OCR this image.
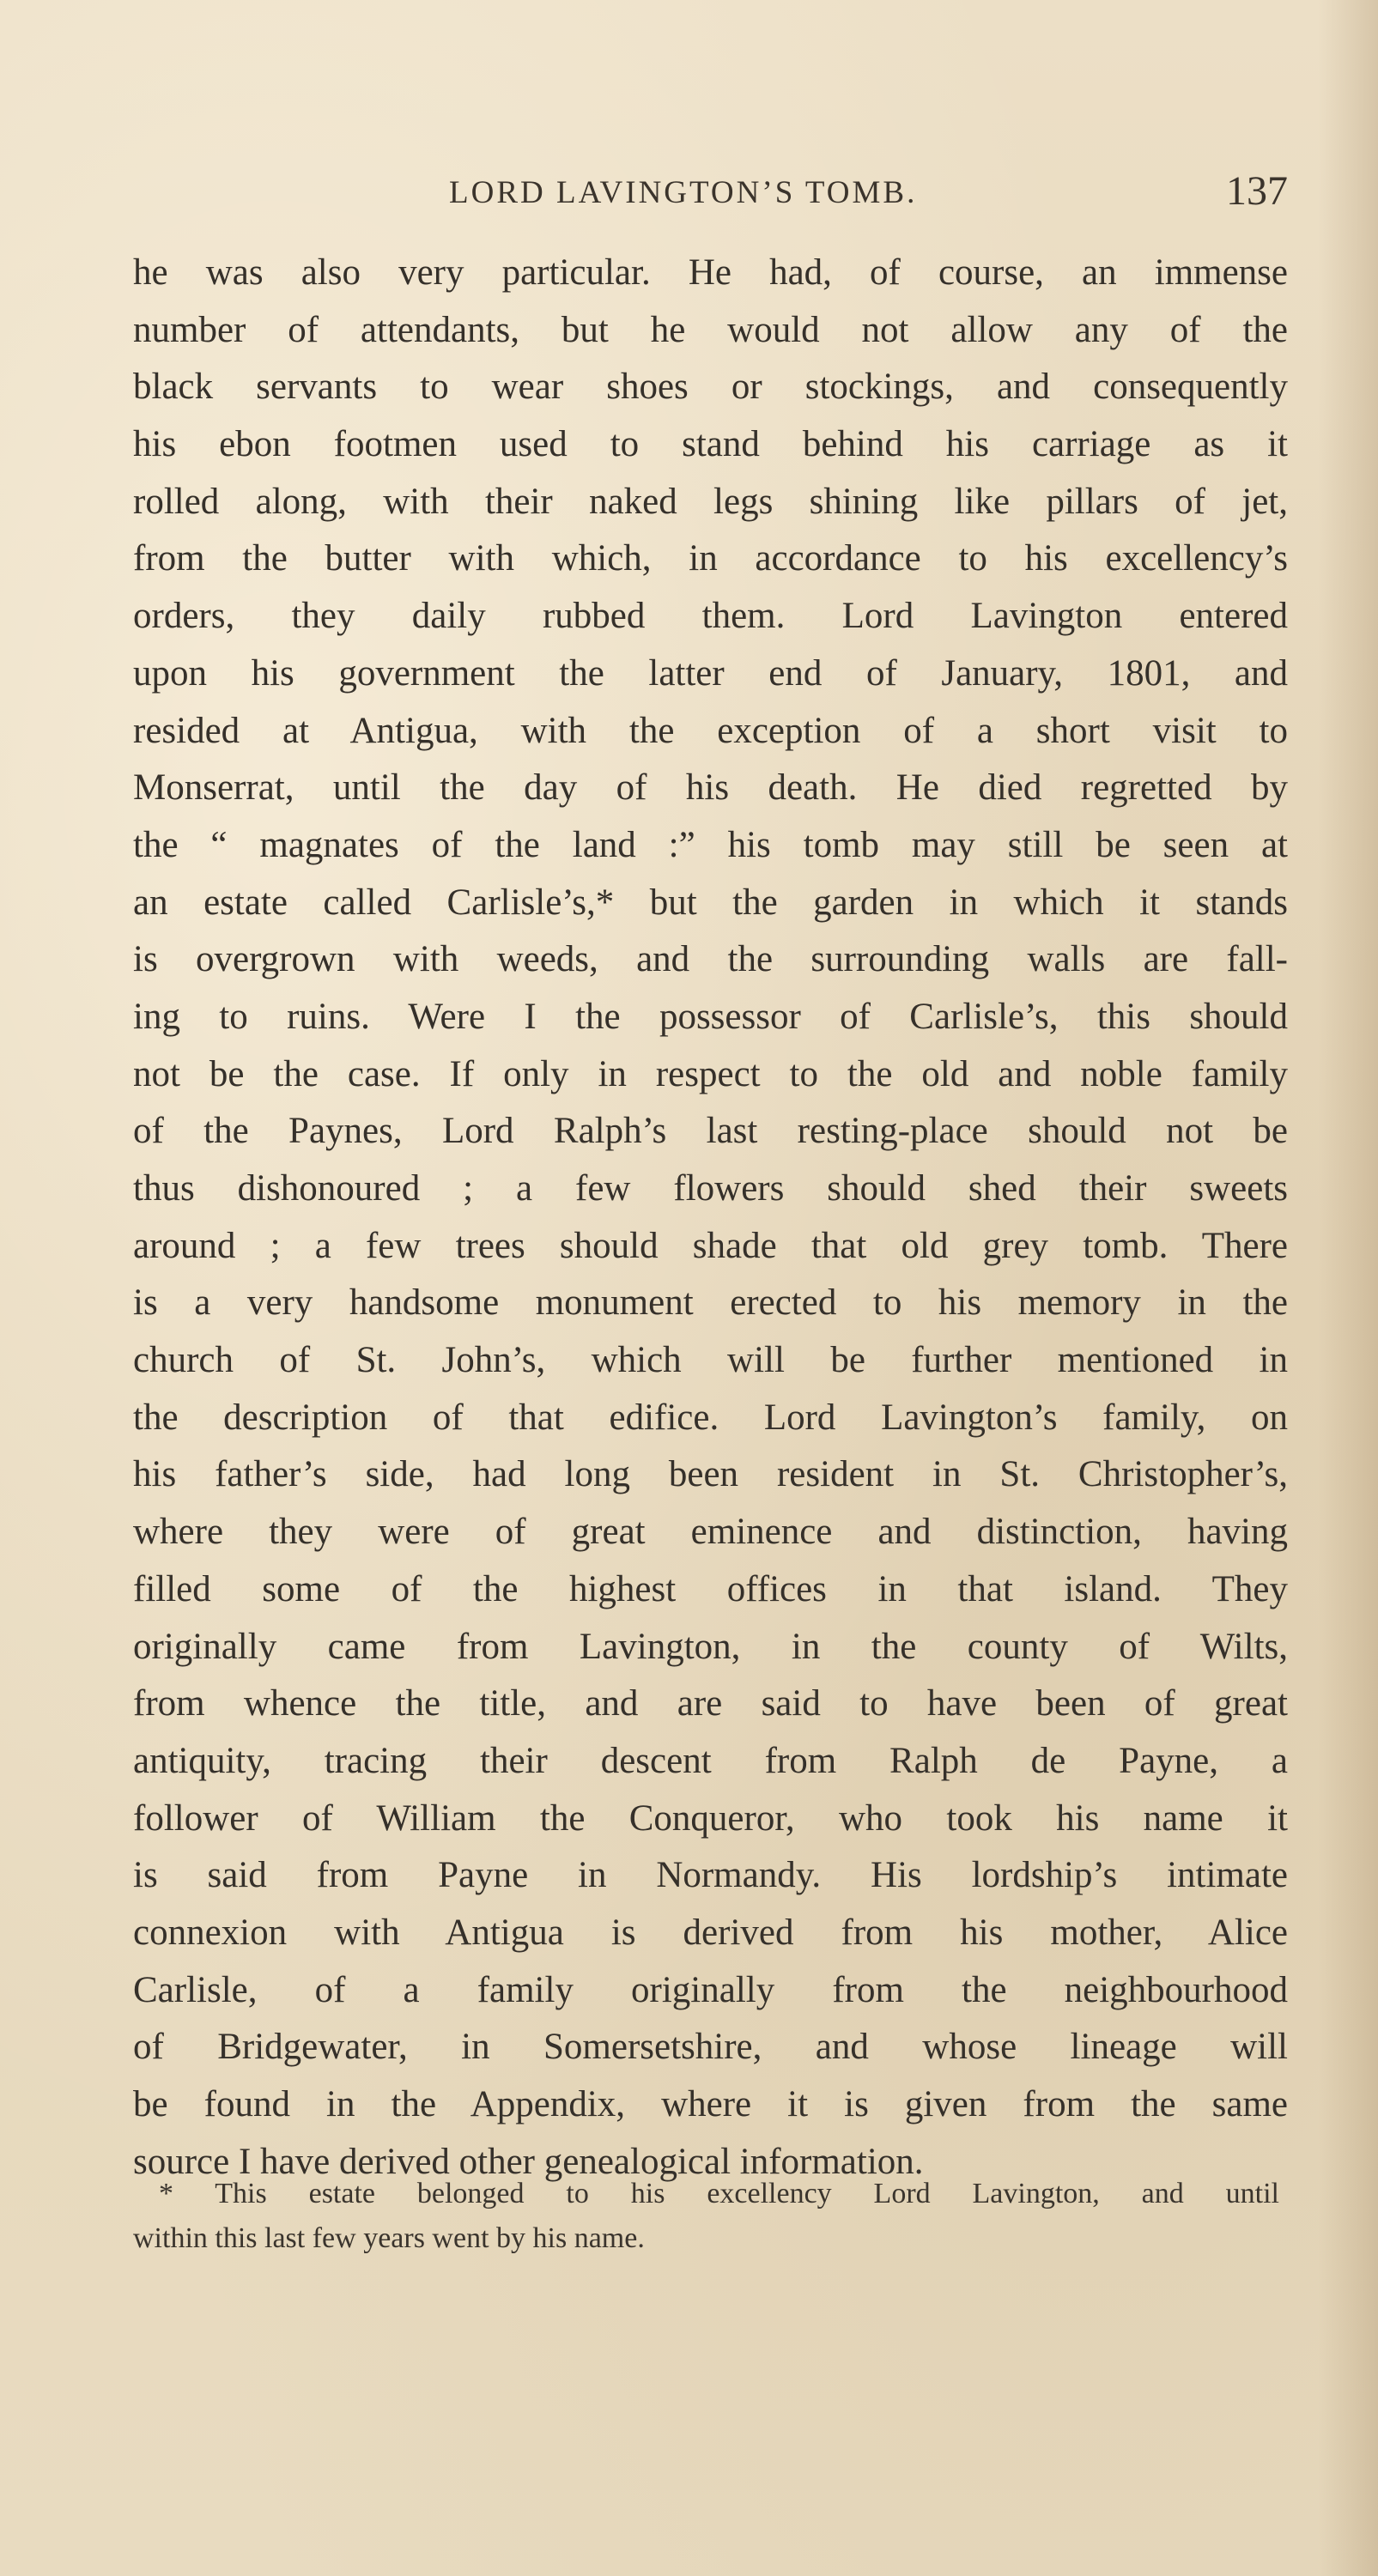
LORD LAVINGTON’S TOMB.	137
he was also very particular. He had, of course, an immense
number of attendants, but he would not allow any of the
black servants to wear shoes or stockings, and consequently
his ebon footmen used to stand behind his carriage as it
rolled along, with their naked legs shining like pillars of jet,
from the butter with which, in accordance to his excellency’s
orders, they daily rubbed them. Lord Lavington entered
upon his government the latter end of January, 1801, and
resided at Antigua, with the exception of a short visit to
Monserrat, until the day of his death. He died regretted by
the “ magnates of the land :” his tomb may still be seen at
an estate called Carlisle’s,* but the garden in which it stands
is overgrown with weeds, and the surrounding walls are fall-
ing to ruins. Were I the possessor of Carlisle’s, this should
not be the case. If only in respect to the old and noble family
of the Paynes, Lord Ralph’s last resting-place should not be
thus dishonoured ; a few flowers should shed their sweets
around ; a few trees should shade that old grey tomb. There
is a very handsome monument erected to his memory in the
church of St. John’s, which will be further mentioned in
the description of that edifice. Lord Lavington’s family, on
his father’s side, had long been resident in St. Christopher’s,
where they were of great eminence and distinction, having
filled some of the highest offices in that island. They
originally came from Lavington, in the county of Wilts,
from whence the title, and are said to have been of great
antiquity, tracing their descent from Ralph de Payne, a
follower of William the Conqueror, who took his name it
is said from Payne in Normandy. His lordship’s intimate
connexion with Antigua is derived from his mother, Alice
Carlisle, of a family originally from the neighbourhood
of Bridgewater, in Somersetshire, and whose lineage will
be found in the Appendix, where it is given from the same
source I have derived other genealogical information.
* This estate belonged to his excellency Lord Lavington, and until
within this last few years went by his name.
